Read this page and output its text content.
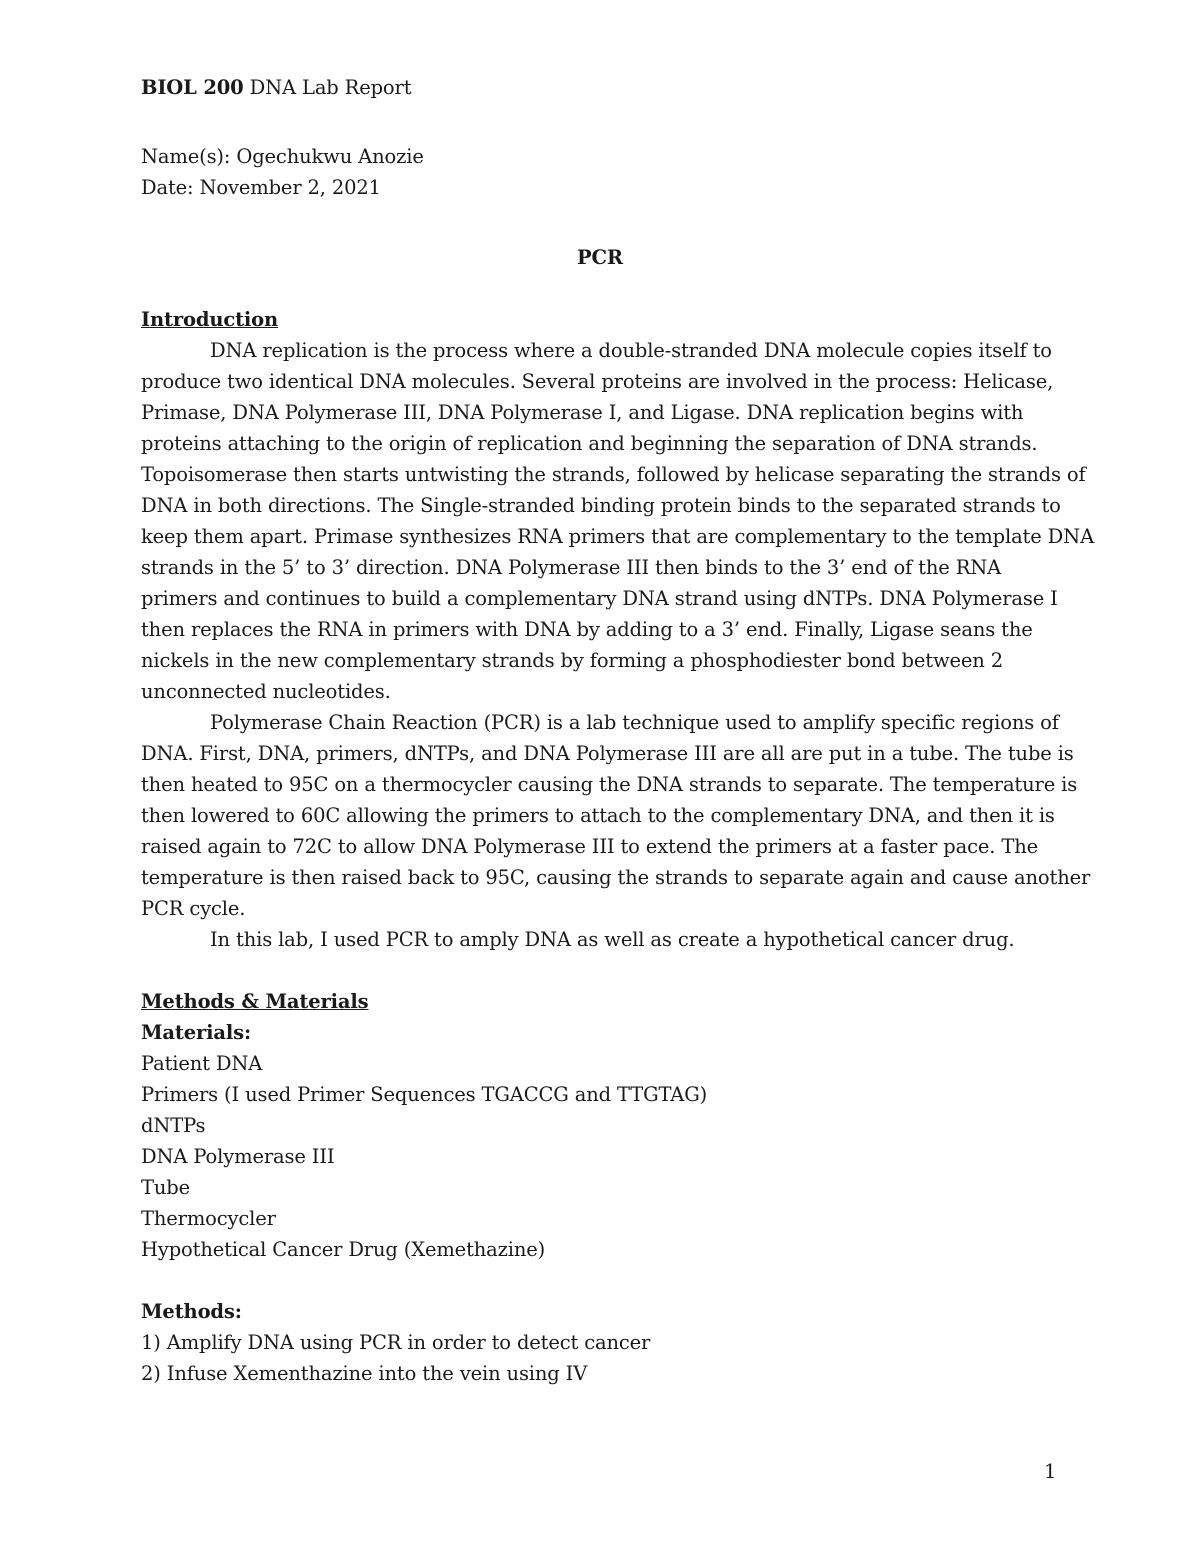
BIOL 200 DNA Lab Report
Name(s): Ogechukwu Anozie
Date: November 2, 2021
PCR
Introduction

DNA replication is the process where a double-stranded DNA molecule copies itself to

produce two identical DNA molecules. Several proteins are involved in the process: Helicase,

Primase, DNA Polymerase III, DNA Polymerase I, and Ligase. DNA replication begins with

proteins attaching to the origin of replication and beginning the separation of DNA strands.

Topoisomerase then starts untwisting the strands, followed by helicase separating the strands of

DNA in both directions. The Single-stranded binding protein binds to the separated strands to

keep them apart. Primase synthesizes RNA primers that are complementary to the template DNA

strands in the 5’ to 3’ direction. DNA Polymerase III then binds to the 3’ end of the RNA

primers and continues to build a complementary DNA strand using dNTPs. DNA Polymerase I

then replaces the RNA in primers with DNA by adding to a 3’ end. Finally, Ligase seans the

nickels in the new complementary strands by forming a phosphodiester bond between 2

unconnected nucleotides.

Polymerase Chain Reaction (PCR) is a lab technique used to amplify specific regions of

DNA. First, DNA, primers, dNTPs, and DNA Polymerase III are all are put in a tube. The tube is

then heated to 95C on a thermocycler causing the DNA strands to separate. The temperature is

then lowered to 60C allowing the primers to attach to the complementary DNA, and then it is

raised again to 72C to allow DNA Polymerase III to extend the primers at a faster pace. The

temperature is then raised back to 95C, causing the strands to separate again and cause another

PCR cycle.

In this lab, I used PCR to amply DNA as well as create a hypothetical cancer drug.

Methods & Materials
Materials:
Patient DNA
Primers (I used Primer Sequences TGACCG and TTGTAG)
dNTPs
DNA Polymerase III
Tube
Thermocycler
Hypothetical Cancer Drug (Xemethazine)
Methods:
1) Amplify DNA using PCR in order to detect cancer
2) Infuse Xementhazine into the vein using IV
1
